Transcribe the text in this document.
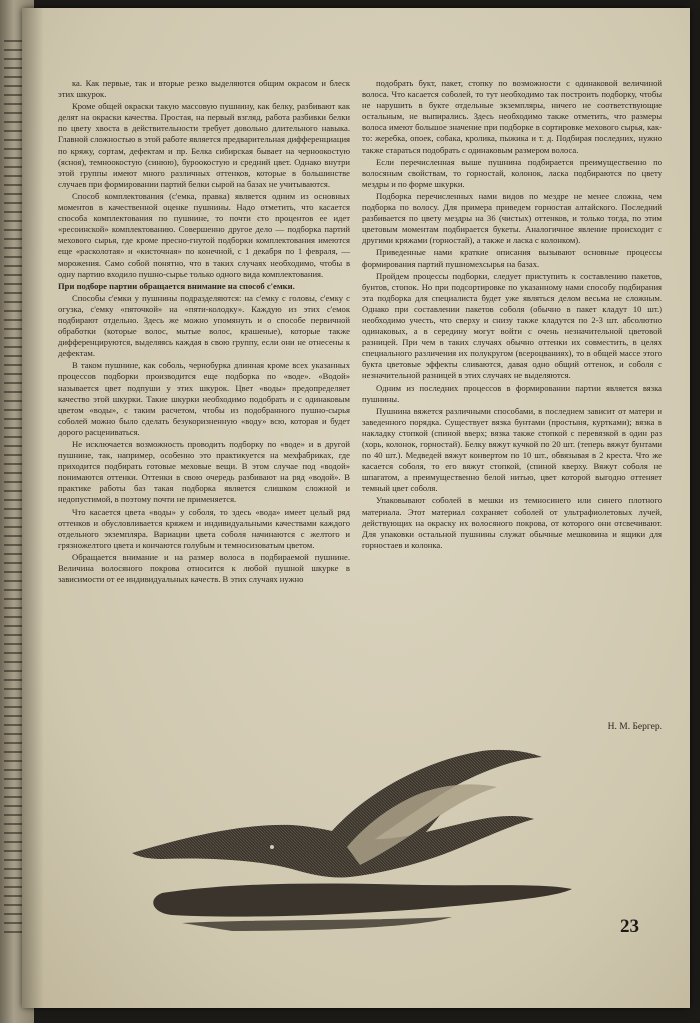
ка. Как первые, так и вторые резко выделяются общим окрасом и блеск этих шкурок.

Кроме общей окраски такую массовую пушнину, как белку, разбивают как делят на окраски качества. Простая, на первый взгляд, работа разбивки белки по цвету хвоста в действительности требует довольно длительного навыка. Главной сложностью в этой работе является предварительная дифференциация по кряжу, сортам, дефектам и пр. Белка сибирская бывает на черноокостую (ясноя), темноокостую (синюю), буроокостую и средний цвет. Однако внутри этой группы имеют много различных оттенков, которые в большинстве случаев при формировании партий белки сырой на базах не учитываются.

Способ комплектования (с'емка, правка) является одним из основных моментов в качественной оценке пушнины. Надо отметить, что касается способа комплектования по пушнине, то почти сто процентов ее идет «ресоинской» комплектованию. Совершенно другое дело — подборка партий мехового сырья, где кроме пресно-гнутой подборки комплектования имеются еще «расколотая» и «кисточная» по конечной, с 1 декабря по 1 февраля, — морожения. Само собой понятно, что в таких случаях необходимо, чтобы в одну партию входило пушно-сырье только одного вида комплектования.

При подборе партии обращается внимание на способ с'емки.

Способы с'емки у пушнины подразделяются: на с'емку с головы, с'емку с огузка, с'емку «пяточкой» на «пяти-колодку». Каждую из этих с'емок подбирают отдельно. Здесь же можно упомянуть и о способе первичной обработки (которые волос, мытые волос, крашеные), которые также дифференцируются, выделяясь каждая в свою группу, если они не отнесены к дефектам.

В таком пушнине, как соболь, чернобурка длинная кроме всех указанных процессов подборки производится еще подборка по «воде». «Водой» называется цвет подпуши у этих шкурок. Цвет «воды» предопределяет качество этой шкурки. Такие шкурки необходимо подобрать и с одинаковым цветом «воды», с таким расчетом, чтобы из подобранного пушно-сырья соболей можно было сделать безукоризненную «воду» всю, которая и будет дорого расцениваться.

Не исключается возможность проводить подборку по «воде» и в другой пушнине, так, например, особенно это практикуется на мехфабриках, где приходится подбирать готовые меховые вещи. В этом случае под «водой» понимаются оттенки. Оттенки в свою очередь разбивают на ряд «водой». В практике работы баз такая подборка является слишком сложной и недопустимой, в поэтому почти не применяется.

Что касается цвета «воды» у соболя, то здесь «вода» имеет целый ряд оттенков и обусловливается кряжем и индивидуальными качествами каждого отдельного экземпляра. Вариации цвета соболя начинаются с желтого и грязножелтого цвета и кончаются голубым и темносизоватым цветом.

Обращается внимание и на размер волоса в подбираемой пушнине. Величина волосяного покрова относится к любой пушной шкурке в зависимости от ее индивидуальных качеств. В этих случаях нужно

подобрать букт, пакет, стопку по возможности с одинаковой величиной волоса. Что касается соболей, то тут необходимо так построить подборку, чтобы не нарушить в букте отдельные экземпляры, ничего не соответствующие остальным, не выпирались. Здесь необходимо также отметить, что размеры волоса имеют большое значение при подборке в сортировке мехового сырья, как-то: жеребка, опоек, собака, кролика, пыжика и т. д. Подбирая последних, нужно также стараться подобрать с одинаковым размером волоса.

Если перечисленная выше пушнина подбирается преимущественно по волосяным свойствам, то горностай, колонок, ласка подбираются по цвету мездры и по форме шкурки.

Подборка перечисленных нами видов по мездре не менее сложна, чем подборка по волосу. Для примера приведем горностая алтайского. Последний разбивается по цвету мездры на 36 (чистых) оттенков, и только тогда, по этим цветовым моментам подбирается букеты. Аналогичное явление происходит с другими кряжами (горностай), а также и ласка с колонком).

Приведенные нами краткие описания вызывают основные процессы формирования партий пушномехсырья на базах.

Пройдем процессы подборки, следует приступить к составлению пакетов, бунтов, стопок. Но при подсортировке по указанному нами способу подбирания эта подборка для специалиста будет уже являться делом весьма не сложным. Однако при составлении пакетов соболя (обычно в пакет кладут 10 шт.) необходимо учесть, что сверху и снизу также кладутся по 2-3 шт. абсолютно одинаковых, а в середину могут войти с очень незначительной цветовой разницей. При чем в таких случаях обычно оттенки их совместить, в целях специального различения их полукругом (всероцваниях), то в общей массе этого букта цветовые эффекты сливаются, давая одно общий оттенок, и соболя с незначительной разницей в этих случаях не выделяются.

Одним из последних процессов в формировании партии является вязка пушнины.

Пушнина вяжется различными способами, в последнем зависит от матери и заведенного порядка. Существует вязка бунтами (простыня, куртками); вязка в накладку стопкой (спиной вверх; вязка также стопкой с перевязкой в один раз (хорь, колонок, горностай). Белку вяжут кучкой по 20 шт. (теперь вяжут бунтами по 40 шт.). Медведей вяжут конвертом по 10 шт., обвязывая в 2 креста. Что же касается соболя, то его вяжут стопкой, (спиной кверху. Вяжут соболя не шпагатом, а преимущественно белой нитью, цвет которой выгодно оттеняет темный цвет соболя.

Упаковывают соболей в мешки из темносинего или синего плотного материала. Этот материал сохраняет соболей от ультрафиолетовых лучей, действующих на окраску их волосяного покрова, от которого они отсвечивают. Для упаковки остальной пушнины служат обычные мешковина и ящики для горностаев и колонка.

Н. М. Бергер.
23
